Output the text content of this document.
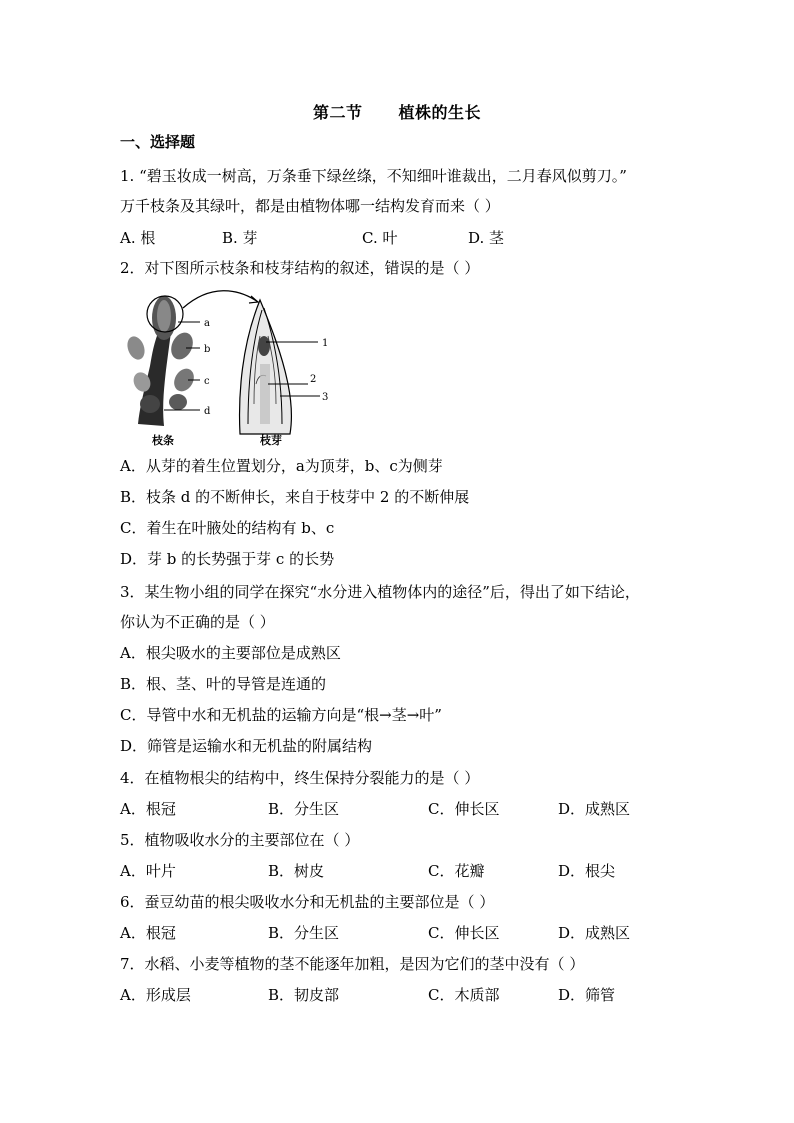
第二节 植株的生长
一、选择题
1. “碧玉妆成一树高，万条垂下绿丝绦，不知细叶谁裁出，二月春风似剪刀。”
万千枝条及其绿叶，都是由植物体哪一结构发育而来（ ）
A. 根	B. 芽	C. 叶	D. 茎
2．对下图所示枝条和枝芽结构的叙述，错误的是（ ）
a
b
c
d
1
2
3
枝条	枝芽
A．从芽的着生位置划分，a为顶芽，b、c为侧芽
B．枝条 d 的不断伸长，来自于枝芽中 2 的不断伸展
C．着生在叶腋处的结构有 b、c
D．芽 b 的长势强于芽 c 的长势
3．某生物小组的同学在探究“水分进入植物体内的途径”后，得出了如下结论，
你认为不正确的是（ ）
A．根尖吸水的主要部位是成熟区
B．根、茎、叶的导管是连通的
C．导管中水和无机盐的运输方向是“根→茎→叶”
D．筛管是运输水和无机盐的附属结构
4．在植物根尖的结构中，终生保持分裂能力的是（ ）
A．根冠	B．分生区	C．伸长区	D．成熟区
5．植物吸收水分的主要部位在（ ）
A．叶片	B．树皮	C．花瓣	D．根尖
6．蚕豆幼苗的根尖吸收水分和无机盐的主要部位是（ ）
A．根冠	B．分生区	C．伸长区	D．成熟区
7．水稻、小麦等植物的茎不能逐年加粗，是因为它们的茎中没有（ ）
A．形成层	B．韧皮部	C．木质部	D．筛管
